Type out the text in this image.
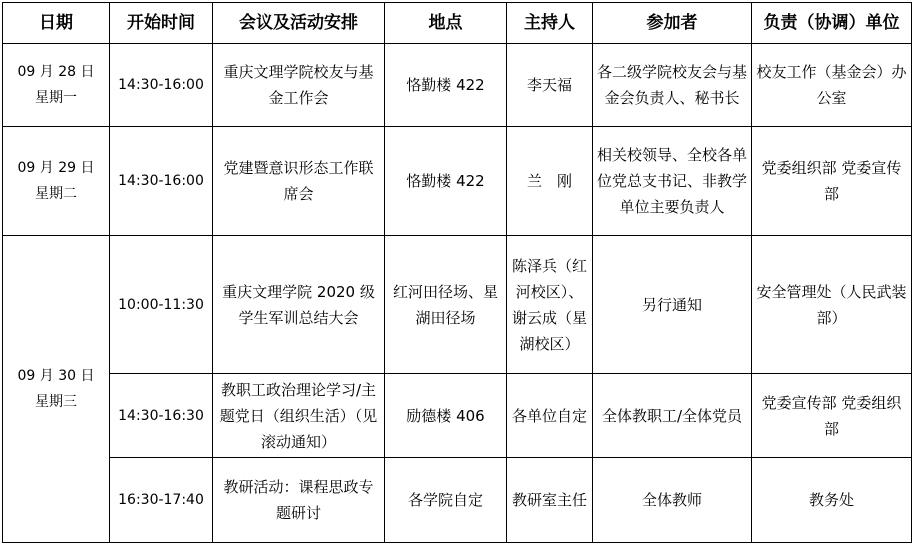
日期	开始时间	会议及活动安排	地点	主持人	参加者	负责（协调）单位
09 月 28 日
星期一	14:30-16:00	重庆文理学院校友与基金工作会	恪勤楼 422	李天福	各二级学院校友会与基金会负责人、秘书长	校友工作（基金会）办公室
09 月 29 日
星期二	14:30-16:00	党建暨意识形态工作联席会	恪勤楼 422	兰　刚	相关校领导、全校各单位党总支书记、非教学单位主要负责人	党委组织部 党委宣传部
09 月 30 日
星期三	10:00-11:30	重庆文理学院 2020 级学生军训总结大会	红河田径场、星湖田径场	陈泽兵（红河校区）、谢云成（星湖校区）	另行通知	安全管理处（人民武装部）
	14:30-16:30	教职工政治理论学习/主题党日（组织生活）（见滚动通知）	励德楼 406	各单位自定	全体教职工/全体党员	党委宣传部 党委组织部
	16:30-17:40	教研活动：课程思政专题研讨	各学院自定	教研室主任	全体教师	教务处
